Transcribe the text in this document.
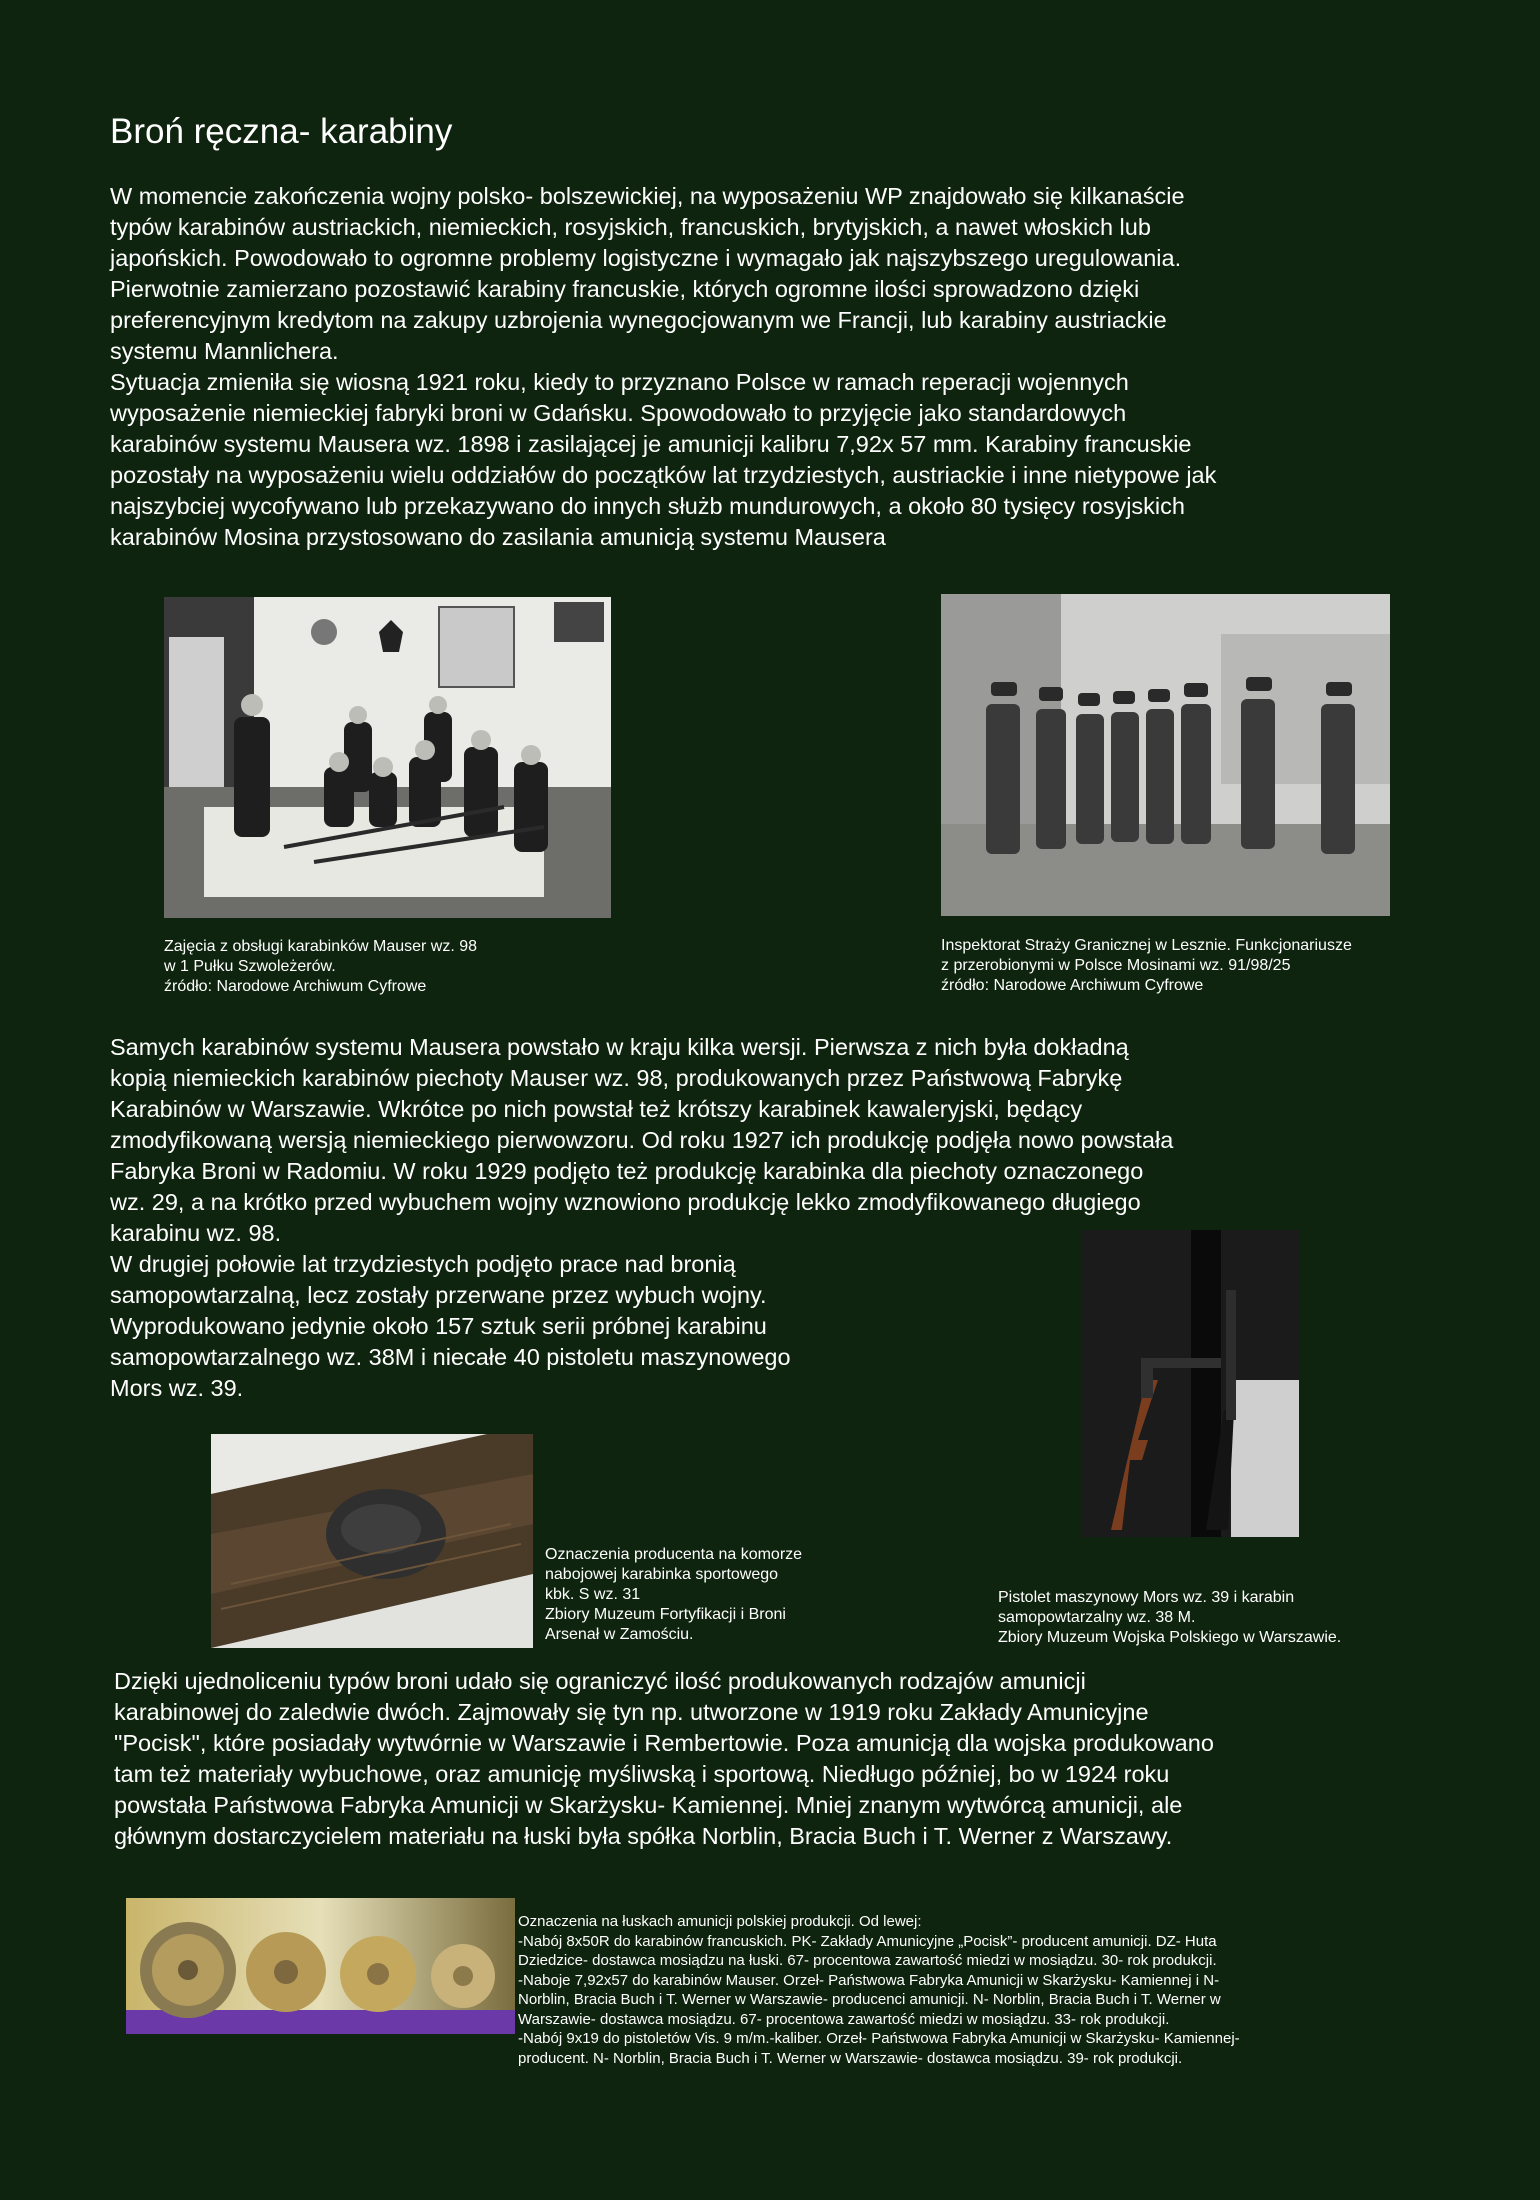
Broń ręczna- karabiny

W momencie zakończenia wojny polsko- bolszewickiej, na wyposażeniu WP znajdowało się kilkanaście
typów karabinów austriackich, niemieckich, rosyjskich, francuskich, brytyjskich, a nawet włoskich lub
japońskich. Powodowało to ogromne problemy logistyczne i wymagało jak najszybszego uregulowania.
Pierwotnie zamierzano pozostawić karabiny francuskie, których ogromne ilości sprowadzono dzięki
preferencyjnym kredytom na zakupy uzbrojenia wynegocjowanym we Francji, lub karabiny austriackie
systemu Mannlichera.

Sytuacja zmieniła się wiosną 1921 roku, kiedy to przyznano Polsce w ramach reperacji wojennych
wyposażenie niemieckiej fabryki broni w Gdańsku. Spowodowało to przyjęcie jako standardowych
karabinów systemu Mausera wz. 1898 i zasilającej je amunicji kalibru 7,92x 57 mm. Karabiny francuskie
pozostały na wyposażeniu wielu oddziałów do początków lat trzydziestych, austriackie i inne nietypowe jak
najszybciej wycofywano lub przekazywano do innych służb mundurowych, a około 80 tysięcy rosyjskich
karabinów Mosina przystosowano do zasilania amunicją systemu Mausera

Zajęcia z obsługi karabinków Mauser wz. 98
w 1 Pułku Szwoleżerów.
źródło: Narodowe Archiwum Cyfrowe

Inspektorat Straży Granicznej w Lesznie. Funkcjonariusze
z przerobionymi w Polsce Mosinami wz. 91/98/25
źródło: Narodowe Archiwum Cyfrowe

Samych karabinów systemu Mausera powstało w kraju kilka wersji. Pierwsza z nich była dokładną
kopią niemieckich karabinów piechoty Mauser wz. 98, produkowanych przez Państwową Fabrykę
Karabinów w Warszawie. Wkrótce po nich powstał też krótszy karabinek kawaleryjski, będący
zmodyfikowaną wersją niemieckiego pierwowzoru. Od roku 1927 ich produkcję podjęła nowo powstała
Fabryka Broni w Radomiu. W roku 1929 podjęto też produkcję karabinka dla piechoty oznaczonego
wz. 29, a na krótko przed wybuchem wojny wznowiono produkcję lekko zmodyfikowanego długiego
karabinu wz. 98.

W drugiej połowie lat trzydziestych podjęto prace nad bronią
samopowtarzalną, lecz zostały przerwane przez wybuch wojny.
Wyprodukowano jedynie około 157 sztuk serii próbnej karabinu
samopowtarzalnego wz. 38M i niecałe 40 pistoletu maszynowego
Mors wz. 39.

Oznaczenia producenta na komorze
nabojowej karabinka sportowego
kbk. S wz. 31
Zbiory Muzeum Fortyfikacji i Broni
Arsenał w Zamościu.

Pistolet maszynowy Mors wz. 39 i karabin
samopowtarzalny wz. 38 M.
Zbiory Muzeum Wojska Polskiego w Warszawie.

Dzięki ujednoliceniu typów broni udało się ograniczyć ilość produkowanych rodzajów amunicji
karabinowej do zaledwie dwóch. Zajmowały się tyn np. utworzone w 1919 roku Zakłady Amunicyjne
"Pocisk", które posiadały wytwórnie w Warszawie i Rembertowie. Poza amunicją dla wojska produkowano
tam też materiały wybuchowe, oraz amunicję myśliwską i sportową. Niedługo później, bo w 1924 roku
powstała Państwowa Fabryka Amunicji w Skarżysku- Kamiennej. Mniej znanym wytwórcą amunicji, ale
głównym dostarczycielem materiału na łuski była spółka Norblin, Bracia Buch i T. Werner z Warszawy.

Oznaczenia na łuskach amunicji polskiej produkcji. Od lewej:
-Nabój 8x50R do karabinów francuskich. PK- Zakłady Amunicyjne „Pocisk”- producent amunicji. DZ- Huta
Dziedzice- dostawca mosiądzu na łuski. 67- procentowa zawartość miedzi w mosiądzu. 30- rok produkcji.
-Naboje 7,92x57 do karabinów Mauser. Orzeł- Państwowa Fabryka Amunicji w Skarżysku- Kamiennej i N-
Norblin, Bracia Buch i T. Werner w Warszawie- producenci amunicji. N- Norblin, Bracia Buch i T. Werner w
Warszawie- dostawca mosiądzu. 67- procentowa zawartość miedzi w mosiądzu. 33- rok produkcji.
-Nabój 9x19 do pistoletów Vis. 9 m/m.-kaliber. Orzeł- Państwowa Fabryka Amunicji w Skarżysku- Kamiennej-
producent. N- Norblin, Bracia Buch i T. Werner w Warszawie- dostawca mosiądzu. 39- rok produkcji.
